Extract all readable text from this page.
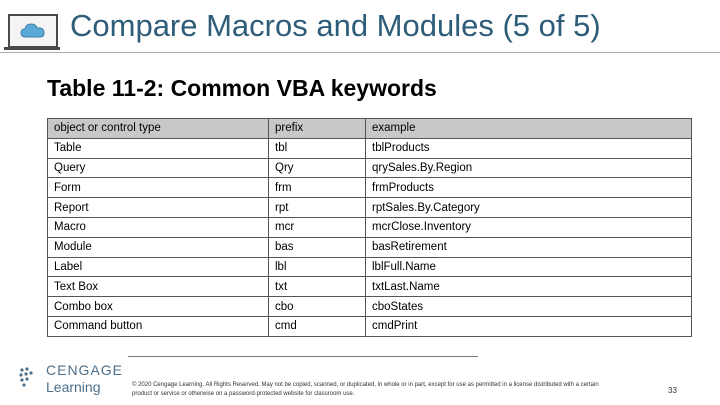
Compare Macros and Modules (5 of 5)
Table 11-2: Common VBA keywords
object or control type	prefix	example
Table	tbl	tblProducts
Query	Qry	qrySales.By.Region
Form	frm	frmProducts
Report	rpt	rptSales.By.Category
Macro	mcr	mcrClose.Inventory
Module	bas	basRetirement
Label	lbl	lblFull.Name
Text Box	txt	txtLast.Name
Combo box	cbo	cboStates
Command button	cmd	cmdPrint
CENGAGE
Learning	© 2020 Cengage Learning. All Rights Reserved. May not be copied, scanned, or duplicated, in whole or in part, except for use as permitted in a license distributed with a certain product or service or otherwise on a password-protected website for classroom use.	33
